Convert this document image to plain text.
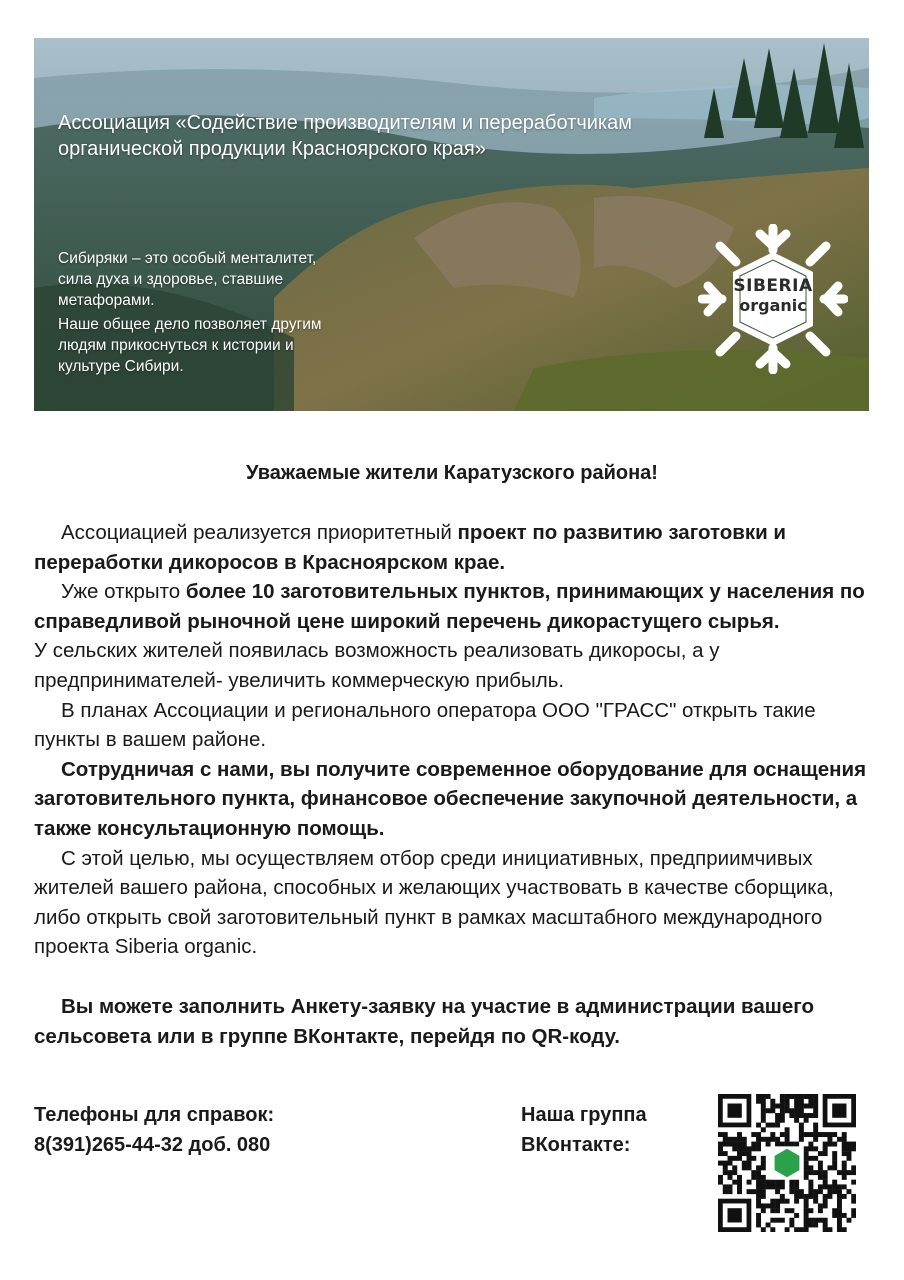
Ассоциация «Содействие производителям и переработчикам органической продукции Красноярского края»

Сибиряки – это особый менталитет, сила духа и здоровье, ставшие метафорами.

Наше общее дело позволяет другим людям прикоснуться к истории и культуре Сибири.

SIBERIA
organic
Уважаемые жители Каратузского района!

Ассоциацией реализуется приоритетный проект по развитию заготовки и переработки дикоросов в Красноярском крае.

Уже открыто более 10 заготовительных пунктов, принимающих у населения по справедливой рыночной цене широкий перечень дикорастущего сырья.

У сельских жителей появилась возможность реализовать дикоросы, а у предпринимателей- увеличить коммерческую прибыль.

В планах Ассоциации и регионального оператора ООО "ГРАСС" открыть такие пункты в вашем районе.

Сотрудничая с нами, вы получите современное оборудование для оснащения заготовительного пункта, финансовое обеспечение закупочной деятельности, а также консультационную помощь.

С этой целью, мы осуществляем отбор среди инициативных, предприимчивых жителей вашего района, способных и желающих участвовать в качестве сборщика, либо открыть свой заготовительный пункт в рамках масштабного международного проекта Siberia organic.

Вы можете заполнить Анкету-заявку на участие в администрации вашего сельсовета или в группе ВКонтакте, перейдя по QR-коду.

Телефоны для справок:
8(391)265-44-32 доб. 080
Наша группа
ВКонтакте:
